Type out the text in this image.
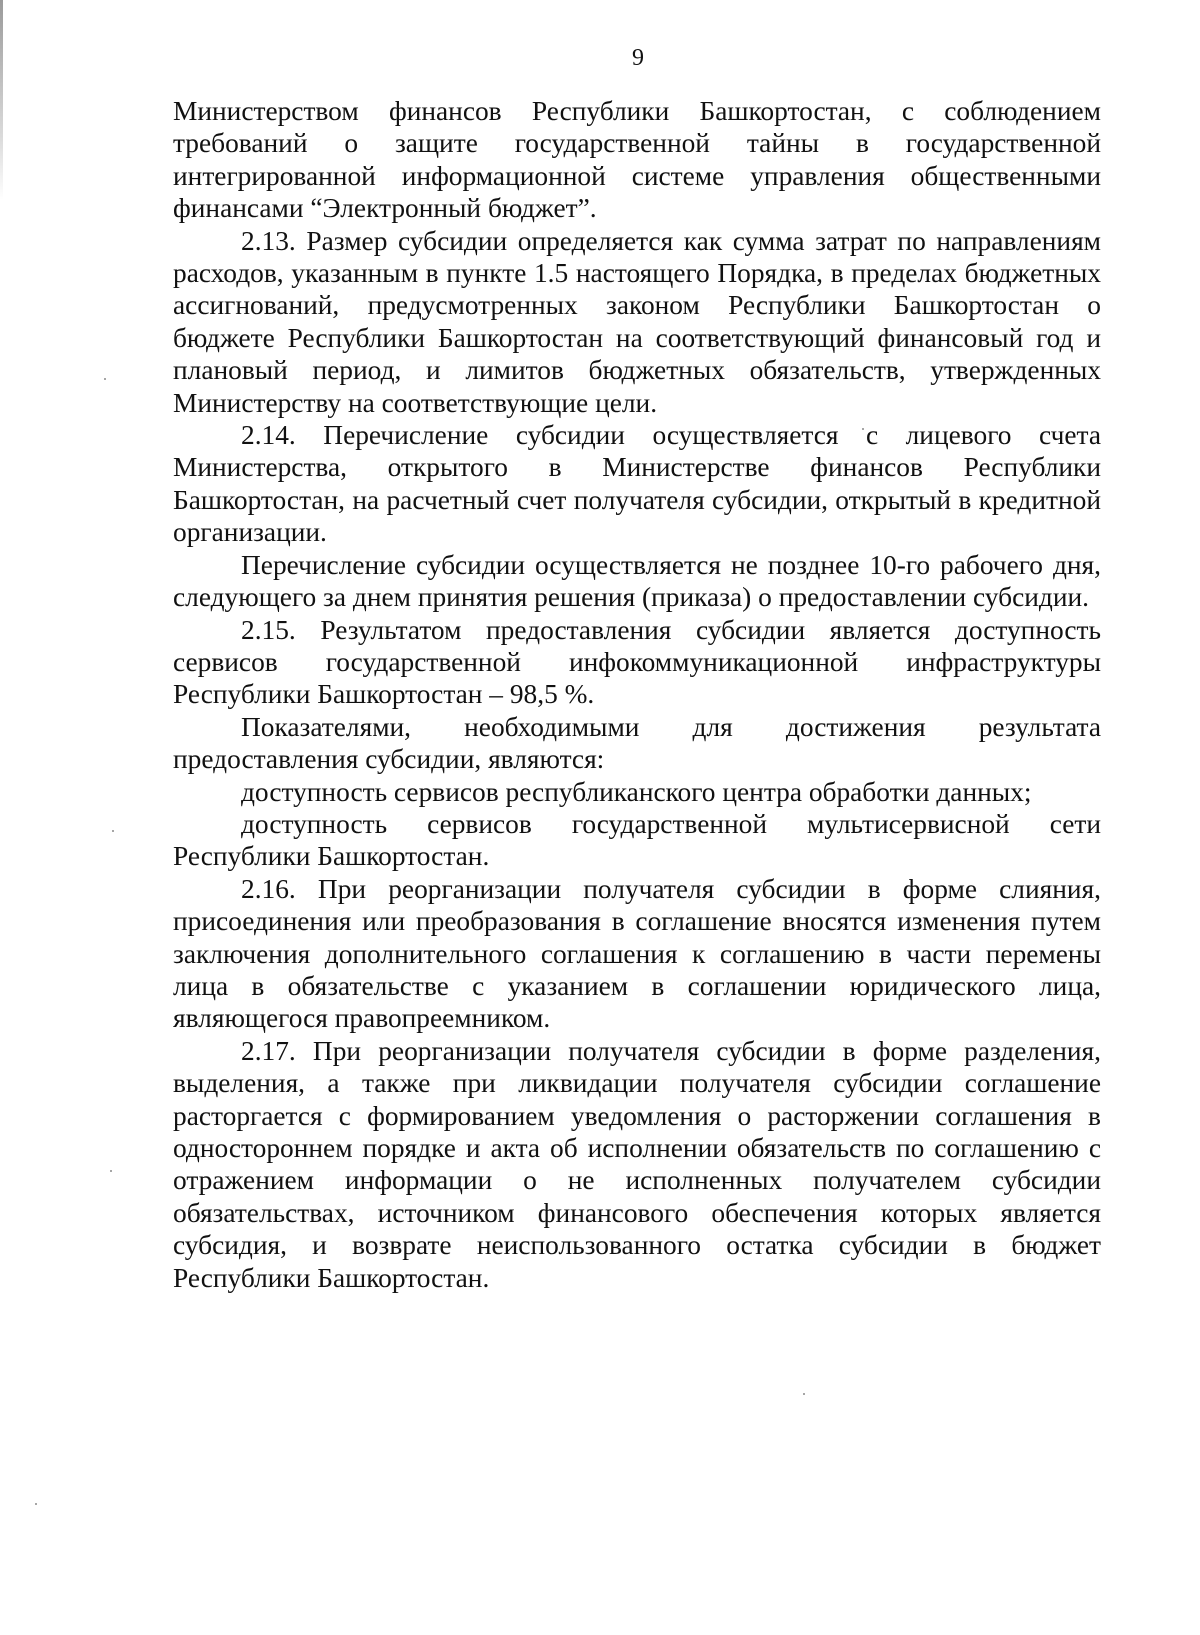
9

Министерством финансов Республики Башкортостан, с соблюдением требований о защите государственной тайны в государственной интегрированной информационной системе управления общественными финансами “Электронный бюджет”.

2.13. Размер субсидии определяется как сумма затрат по направлениям расходов, указанным в пункте 1.5 настоящего Порядка, в пределах бюджетных ассигнований, предусмотренных законом Республики Башкортостан о бюджете Республики Башкортостан на соответствующий финансовый год и плановый период, и лимитов бюджетных обязательств, утвержденных Министерству на соответствующие цели.

2.14. Перечисление субсидии осуществляется с лицевого счета Министерства, открытого в Министерстве финансов Республики Башкортостан, на расчетный счет получателя субсидии, открытый в кредитной организации.

Перечисление субсидии осуществляется не позднее 10-го рабочего дня, следующего за днем принятия решения (приказа) о предоставлении субсидии.

2.15. Результатом предоставления субсидии является доступность сервисов государственной инфокоммуникационной инфраструктуры Республики Башкортостан – 98,5 %.

Показателями, необходимыми для достижения результата предоставления субсидии, являются:

доступность сервисов республиканского центра обработки данных;

доступность сервисов государственной мультисервисной сети Республики Башкортостан.

2.16. При реорганизации получателя субсидии в форме слияния, присоединения или преобразования в соглашение вносятся изменения путем заключения дополнительного соглашения к соглашению в части перемены лица в обязательстве с указанием в соглашении юридического лица, являющегося правопреемником.

2.17. При реорганизации получателя субсидии в форме разделения, выделения, а также при ликвидации получателя субсидии соглашение расторгается с формированием уведомления о расторжении соглашения в одностороннем порядке и акта об исполнении обязательств по соглашению с отражением информации о не исполненных получателем субсидии обязательствах, источником финансового обеспечения которых является субсидия, и возврате неиспользованного остатка субсидии в бюджет Республики Башкортостан.
